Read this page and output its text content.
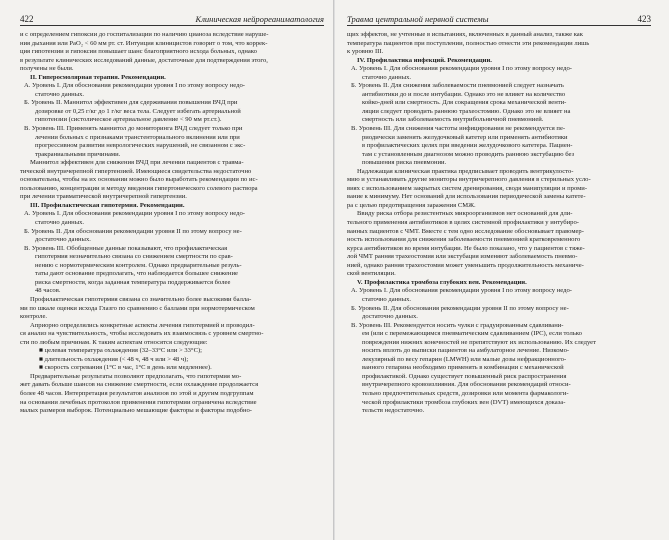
422	Клиническая нейрореаниматология

и с определением гипоксии до госпитализации по наличию цианоза вследствие наруше-

ния дыхания или PaO₂ < 60 мм рт. ст. Интуиция клиницистов говорит о том, что коррек-

ция гипотензии и гипоксии повышает шанс благоприятного исхода больных, однако

в результате клинических исследований данные, достаточные для подтверждения этого,

получены не были.

II. Гиперосмолярная терапия. Рекомендации.

А. Уровень I. Для обоснования рекомендации уровня I по этому вопросу недо-

статочно данных.

Б. Уровень II. Маннитол эффективен для сдерживания повышения ВЧД при

дозировке от 0,25 г/кг до 1 г/кг веса тела. Следует избегать артериальной

гипотензии (систолическое артериальное давление < 90 мм рт.ст.).

В. Уровень III. Применять маннитол до мониторинга ВЧД следует только при

лечении больных с признаками транстенториального вклинения или при

прогрессивном развитии неврологических нарушений, не связанном с экс-

тракраниальными причинами.

Маннитол эффективен для снижения ВЧД при лечении пациентов с травма-

тической внутричерепной гипертензией. Имеющиеся свидетельства недостаточно

основательны, чтобы на их основании можно было выработать рекомендации по ис-

пользованию, концентрации и методу введения гипертонического солевого раствора

при лечении травматической внутричерепной гипертензии.

III. Профилактическая гипотермия. Рекомендации.

А. Уровень I. Для обоснования рекомендации уровня I по этому вопросу недо-

статочно данных.

Б. Уровень II. Для обоснования рекомендации уровня II по этому вопросу не-

достаточно данных.

В. Уровень III. Обобщенные данные показывают, что профилактическая

гипотермия незначительно связана со снижением смертности по срав-

нению с нормотермическим контролем. Однако предварительные резуль-

таты дают основание предполагать, что наблюдается большее снижение

риска смертности, когда заданная температура поддерживается более

48 часов.

Профилактическая гипотермия связана со значительно более высокими балла-

ми по шкале оценки исхода Глазго по сравнению с баллами при нормотермическом

контроле.

Априорно определялись конкретные аспекты лечения гипотермией и проводил-

ся анализ на чувствительность, чтобы исследовать их взаимосвязь с уровнем смертно-

сти по любым причинам. К таким аспектам относятся следующие:

■ целевая температура охлаждения (32–33°C или > 33°C);

■ длительность охлаждения (< 48 ч, 48 ч или > 48 ч);

■ скорость согревания (1°C в час, 1°C в день или медленнее).

Предварительные результаты позволяют предполагать, что гипотермия мо-

жет давать больше шансов на снижение смертности, если охлаждение продолжается

более 48 часов. Интерпретация результатов анализов по этой и другим подгруппам

на основании лечебных протоколов применения гипотермии ограничена вследствие

малых размеров выборок. Потенциально мешающие факторы и факторы подобно-

Травма центральной нервной системы	423

щих эффектов, не учтенные в испытаниях, включенных в данный анализ, также как

температура пациентов при поступлении, полностью отнести эти рекомендации лишь

к уровню III.

IV. Профилактика инфекций. Рекомендации.

А. Уровень I. Для обоснования рекомендации уровня I по этому вопросу недо-

статочно данных.

Б. Уровень II. Для снижения заболеваемости пневмонией следует назначать

антибиотики до и после интубации. Однако это не влияет на количество

койко-дней или смертность. Для сокращения срока механической венти-

ляции следует проводить раннюю трахеостомию. Однако это не влияет на

смертность или заболеваемость внутрибольничной пневмонией.

В. Уровень III. Для снижения частоты инфицирования не рекомендуется пе-

риодически заменять желудочковый катетер или применять антибиотики

в профилактических целях при введении желудочкового катетера. Пациен-

там с установленным диагнозом можно проводить раннюю экстубацию без

повышения риска пневмонии.

Надлежащая клиническая практика предписывает проводить вентрикулосто-

мию и устанавливать другие мониторы внутричерепного давления в стерильных усло-

виях с использованием закрытых систем дренирования, сводя манипуляции и проми-

вание к минимуму. Нет оснований для использования периодической замены катете-

ра с целью предотвращения заражения СМЖ.

Ввиду риска отбора резистентных микроорганизмов нет оснований для дли-

тельного применения антибиотиков в целях системной профилактики у интубиро-

ванных пациентов с ЧМТ. Вместе с тем одно исследование обосновывает правомер-

ность использования для снижения заболеваемости пневмонией кратковременного

курса антибиотиков во время интубации. Не было показано, что у пациентов с тяже-

лой ЧМТ ранняя трахеостомия или экстубация изменяют заболеваемость пневмо-

нией, однако ранняя трахеостомия может уменьшить продолжительность механиче-

ской вентиляции.

V. Профилактика тромбоза глубоких вен. Рекомендации.

А. Уровень I. Для обоснования рекомендации уровня I по этому вопросу недо-

статочно данных.

Б. Уровень II. Для обоснования рекомендации уровня II по этому вопросу не-

достаточно данных.

В. Уровень III. Рекомендуется носить чулки с градуированным сдавливани-

ем (или с перемежающимся пневматическим сдавливанием (IPC), если только

повреждения нижних конечностей не препятствуют их использованию. Их следует

носить вплоть до выписки пациентов на амбулаторное лечение. Низкомо-

лекулярный по весу гепарин (LMWH) или малые дозы нефракционного-

ванного гепарина необходимо применять в комбинации с механической

профилактикой. Однако существует повышенный риск распространения

внутричерепного кровоизлияния. Для обоснования рекомендаций относи-

тельно предпочтительных средств, дозировки или момента фармакологи-

ческой профилактики тромбоза глубоких вен (DVT) имеющихся доказа-

тельств недостаточно.
